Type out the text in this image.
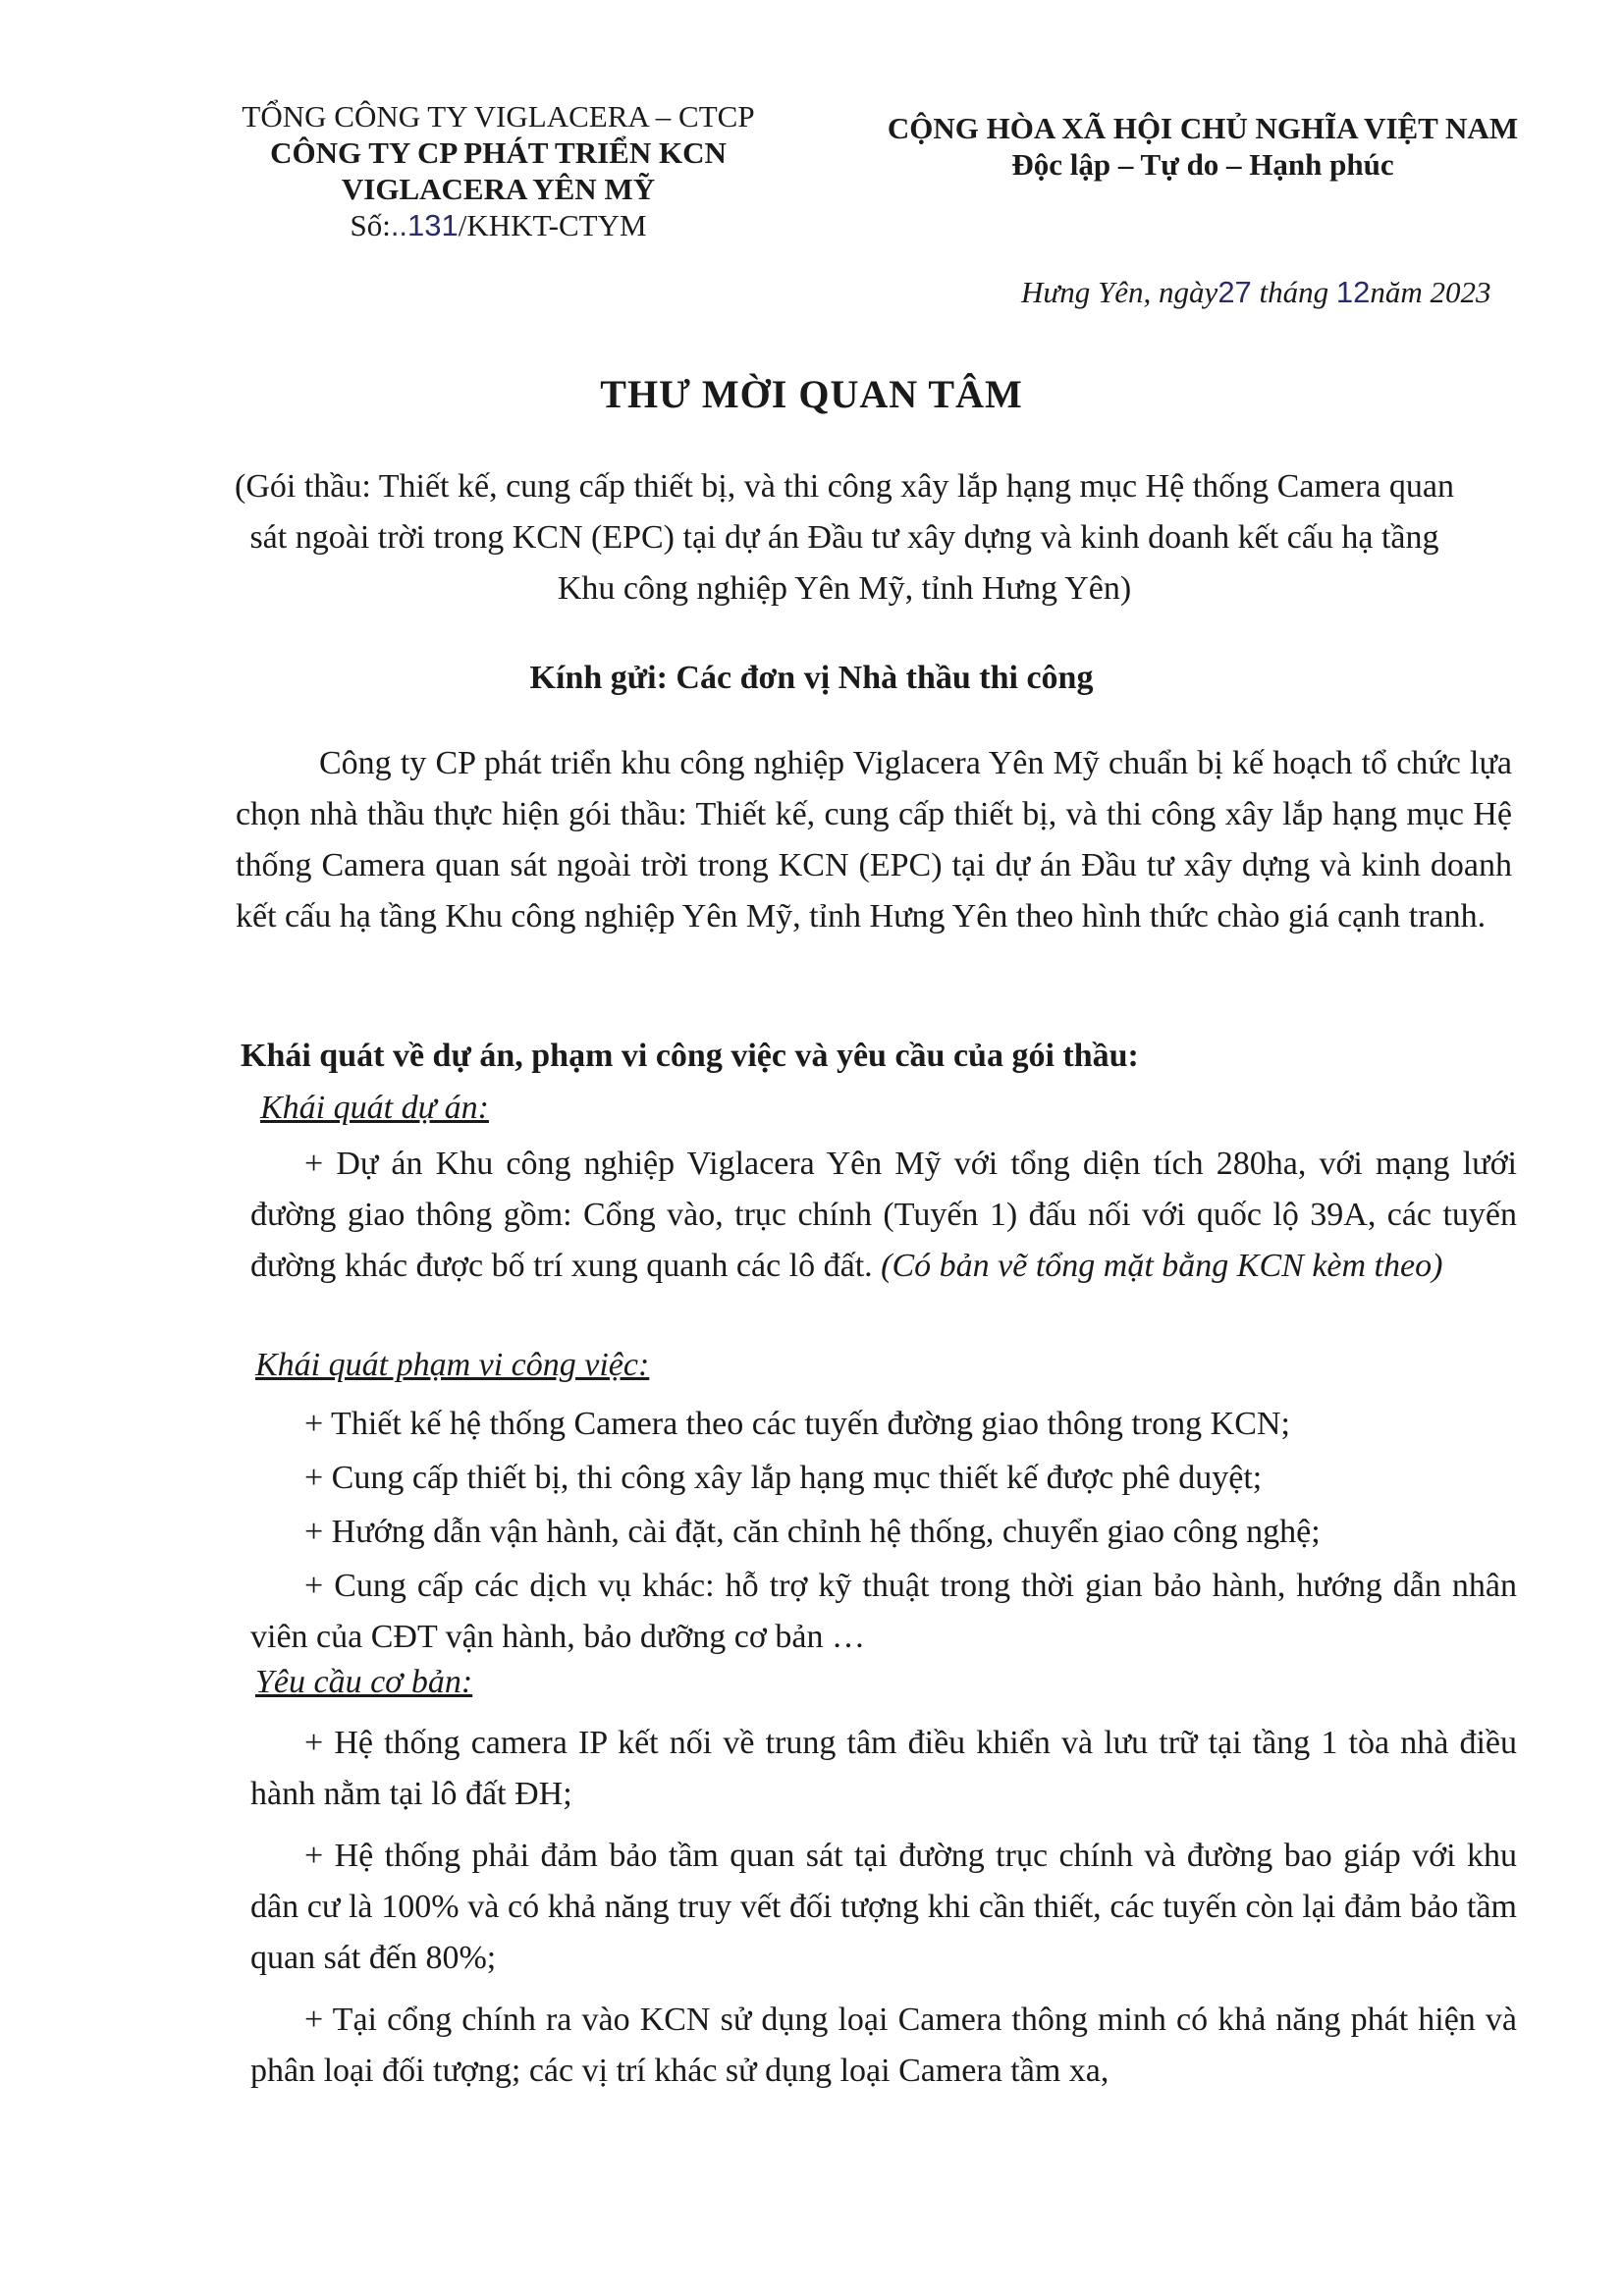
TỔNG CÔNG TY VIGLACERA – CTCP
CÔNG TY CP PHÁT TRIỂN KCN
VIGLACERA YÊN MỸ
Số:..131/KHKT-CTYM
CỘNG HÒA XÃ HỘI CHỦ NGHĨA VIỆT NAM
Độc lập – Tự do – Hạnh phúc
Hưng Yên, ngày27 tháng 12năm 2023
THƯ MỜI QUAN TÂM
(Gói thầu: Thiết kế, cung cấp thiết bị, và thi công xây lắp hạng mục Hệ thống Camera quan sát ngoài trời trong KCN (EPC) tại dự án Đầu tư xây dựng và kinh doanh kết cấu hạ tầng Khu công nghiệp Yên Mỹ, tỉnh Hưng Yên)
Kính gửi: Các đơn vị Nhà thầu thi công
Công ty CP phát triển khu công nghiệp Viglacera Yên Mỹ chuẩn bị kế hoạch tổ chức lựa chọn nhà thầu thực hiện gói thầu: Thiết kế, cung cấp thiết bị, và thi công xây lắp hạng mục Hệ thống Camera quan sát ngoài trời trong KCN (EPC) tại dự án Đầu tư xây dựng và kinh doanh kết cấu hạ tầng Khu công nghiệp Yên Mỹ, tỉnh Hưng Yên theo hình thức chào giá cạnh tranh.
Khái quát về dự án, phạm vi công việc và yêu cầu của gói thầu:
Khái quát dự án:
+ Dự án Khu công nghiệp Viglacera Yên Mỹ với tổng diện tích 280ha, với mạng lưới đường giao thông gồm: Cổng vào, trục chính (Tuyến 1) đấu nối với quốc lộ 39A, các tuyến đường khác được bố trí xung quanh các lô đất. (Có bản vẽ tổng mặt bằng KCN kèm theo)
Khái quát phạm vi công việc:
+ Thiết kế hệ thống Camera theo các tuyến đường giao thông trong KCN;
+ Cung cấp thiết bị, thi công xây lắp hạng mục thiết kế được phê duyệt;
+ Hướng dẫn vận hành, cài đặt, căn chỉnh hệ thống, chuyển giao công nghệ;
+ Cung cấp các dịch vụ khác: hỗ trợ kỹ thuật trong thời gian bảo hành, hướng dẫn nhân viên của CĐT vận hành, bảo dưỡng cơ bản …
Yêu cầu cơ bản:
+ Hệ thống camera IP kết nối về trung tâm điều khiển và lưu trữ tại tầng 1 tòa nhà điều hành nằm tại lô đất ĐH;
+ Hệ thống phải đảm bảo tầm quan sát tại đường trục chính và đường bao giáp với khu dân cư là 100% và có khả năng truy vết đối tượng khi cần thiết, các tuyến còn lại đảm bảo tầm quan sát đến 80%;
+ Tại cổng chính ra vào KCN sử dụng loại Camera thông minh có khả năng phát hiện và phân loại đối tượng; các vị trí khác sử dụng loại Camera tầm xa,
